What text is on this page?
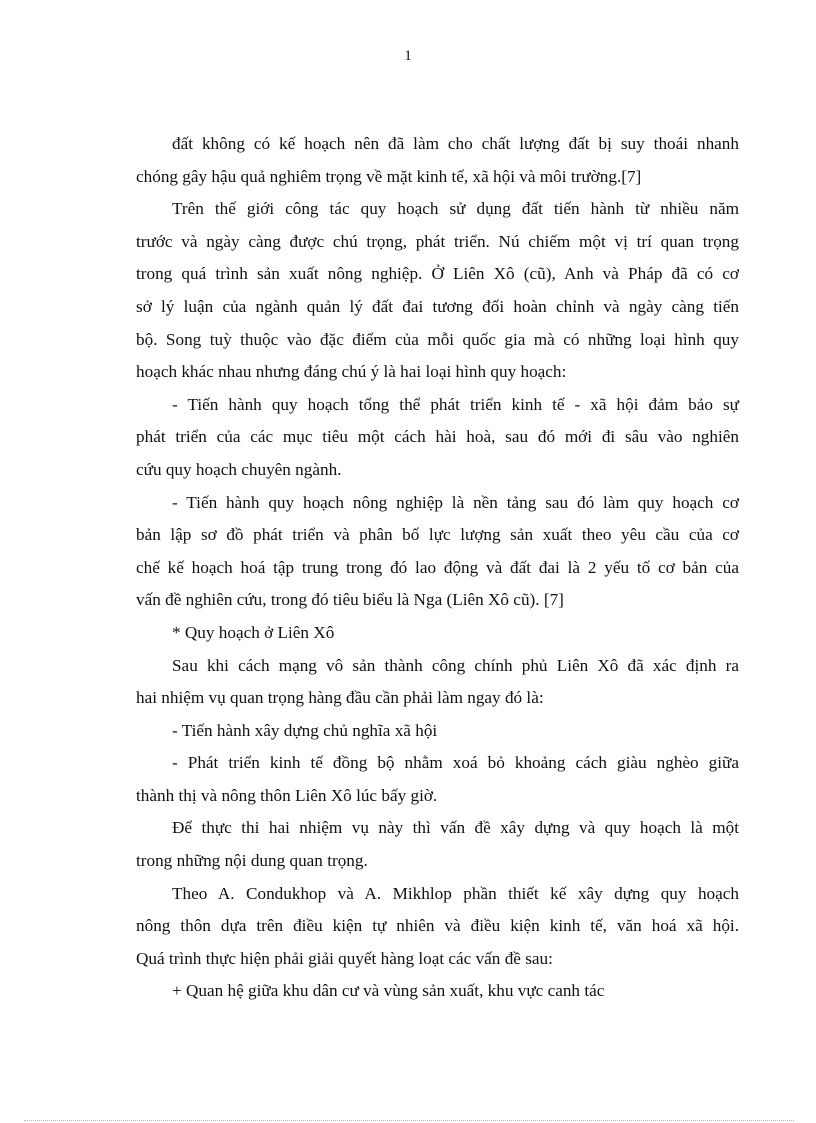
1
đất không có kế hoạch nên đã làm cho chất lượng đất bị suy thoái nhanh
chóng gây hậu quả nghiêm trọng về mặt kinh tế, xã hội và môi trường.[7]
Trên thế giới công tác quy hoạch sử dụng đất tiến hành từ nhiều năm
trước và ngày càng được chú trọng, phát triển. Nú chiếm một vị trí quan trọng
trong quá trình sản xuất nông nghiệp. Ở Liên Xô (cũ), Anh và Pháp đã có cơ
sở lý luận của ngành quản lý đất đai tương đối hoàn chỉnh và ngày càng tiến
bộ. Song tuỳ thuộc vào đặc điểm của mỗi quốc gia mà có những loại hình quy
hoạch khác nhau nhưng đáng chú ý là hai loại hình quy hoạch:
- Tiến hành quy hoạch tổng thể phát triển kinh tế - xã hội đảm bảo sự
phát triển của các mục tiêu một cách hài hoà, sau đó mới đi sâu vào nghiên
cứu quy hoạch chuyên ngành.
- Tiến hành quy hoạch nông nghiệp là nền tảng sau đó làm quy hoạch cơ
bản lập sơ đồ phát triển và phân bố lực lượng sản xuất theo yêu cầu của cơ
chế kế hoạch hoá tập trung trong đó lao động và đất đai là 2 yếu tố cơ bản của
vấn đề nghiên cứu, trong đó tiêu biểu là Nga (Liên Xô cũ). [7]
* Quy hoạch ở Liên Xô
Sau khi cách mạng vô sản thành công chính phủ Liên Xô đã xác định ra
hai nhiệm vụ quan trọng hàng đầu cần phải làm ngay đó là:
- Tiến hành xây dựng chủ nghĩa xã hội
- Phát triển kinh tế đồng bộ nhằm xoá bỏ khoảng cách giàu nghèo giữa
thành thị và nông thôn Liên Xô lúc bấy giờ.
Để thực thi hai nhiệm vụ này thì vấn đề xây dựng và quy hoạch là một
trong những nội dung quan trọng.
Theo A. Condukhop và A. Mikhlop phần thiết kế xây dựng quy hoạch
nông thôn dựa trên điều kiện tự nhiên và điều kiện kinh tế, văn hoá xã hội.
Quá trình thực hiện phải giải quyết hàng loạt các vấn đề sau:
+ Quan hệ giữa khu dân cư và vùng sản xuất, khu vực canh tác
